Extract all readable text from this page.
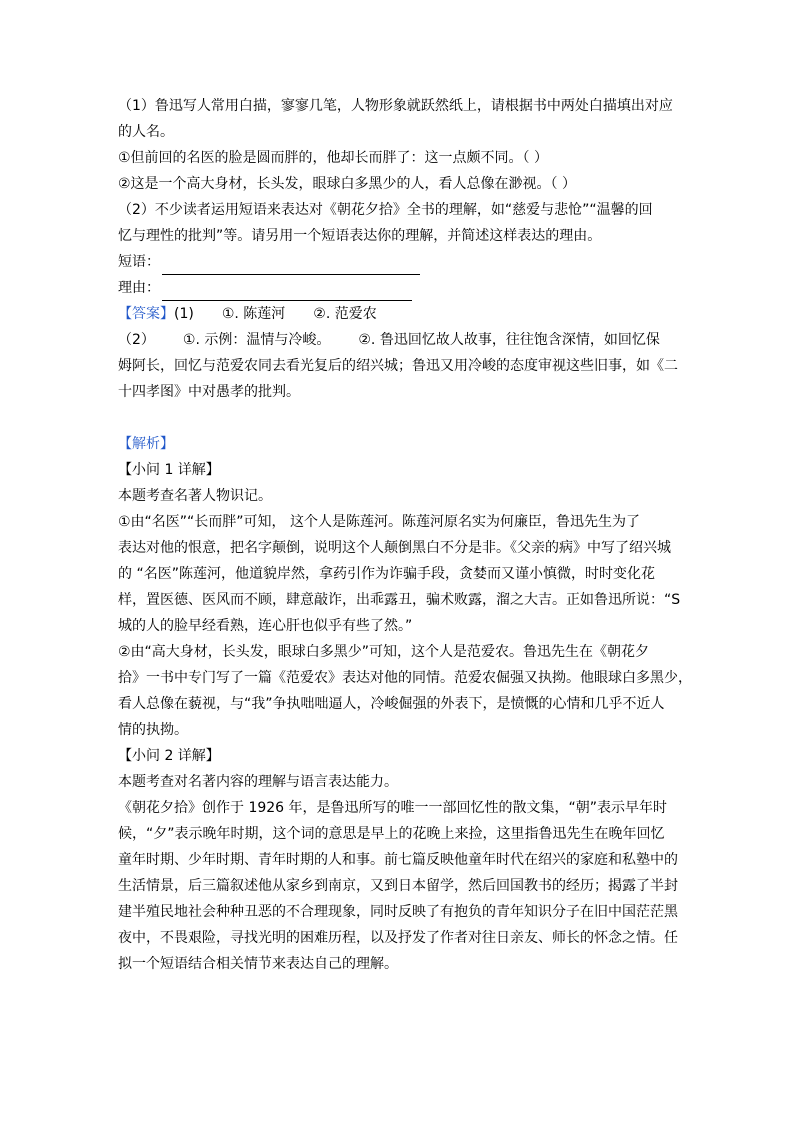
（1）鲁迅写人常用白描，寥寥几笔，人物形象就跃然纸上，请根据书中两处白描填出对应
的人名。
①但前回的名医的脸是圆而胖的，他却长而胖了：这一点颇不同。（ ）
②这是一个高大身材，长头发，眼球白多黑少的人，看人总像在渺视。（ ）
（2）不少读者运用短语来表达对《朝花夕拾》全书的理解，如“慈爱与悲怆”“温馨的回
忆与理性的批判”等。请另用一个短语表达你的理解，并简述这样表达的理由。
短语：
理由：
【答案】(1) ①. 陈莲河 ②. 范爱农
（2） ①. 示例：温情与冷峻。 ②. 鲁迅回忆故人故事，往往饱含深情，如回忆保
姆阿长，回忆与范爱农同去看光复后的绍兴城；鲁迅又用冷峻的态度审视这些旧事，如《二
十四孝图》中对愚孝的批判。
【解析】
【小问 1 详解】
本题考查名著人物识记。
①由“名医”“长而胖”可知， 这个人是陈莲河。陈莲河原名实为何廉臣，鲁迅先生为了
表达对他的恨意，把名字颠倒，说明这个人颠倒黑白不分是非。《父亲的病》中写了绍兴城
的 “名医”陈莲河，他道貌岸然，拿药引作为诈骗手段，贪婪而又谨小慎微，时时变化花
样，置医德、医风而不顾，肆意敲诈，出乖露丑，骗术败露，溜之大吉。正如鲁迅所说：“S
城的人的脸早经看熟，连心肝也似乎有些了然。”
②由“高大身材，长头发，眼球白多黑少”可知，这个人是范爱农。鲁迅先生在《朝花夕
拾》一书中专门写了一篇《范爱农》表达对他的同情。范爱农倔强又执拗。他眼球白多黑少，
看人总像在藐视，与“我”争执咄咄逼人，冷峻倔强的外表下，是愤慨的心情和几乎不近人
情的执拗。
【小问 2 详解】
本题考查对名著内容的理解与语言表达能力。
《朝花夕拾》创作于 1926 年，是鲁迅所写的唯一一部回忆性的散文集，“朝”表示早年时
候，“夕”表示晚年时期，这个词的意思是早上的花晚上来捡，这里指鲁迅先生在晚年回忆
童年时期、少年时期、青年时期的人和事。前七篇反映他童年时代在绍兴的家庭和私塾中的
生活情景，后三篇叙述他从家乡到南京，又到日本留学，然后回国教书的经历；揭露了半封
建半殖民地社会种种丑恶的不合理现象，同时反映了有抱负的青年知识分子在旧中国茫茫黑
夜中，不畏艰险，寻找光明的困难历程，以及抒发了作者对往日亲友、师长的怀念之情。任
拟一个短语结合相关情节来表达自己的理解。
